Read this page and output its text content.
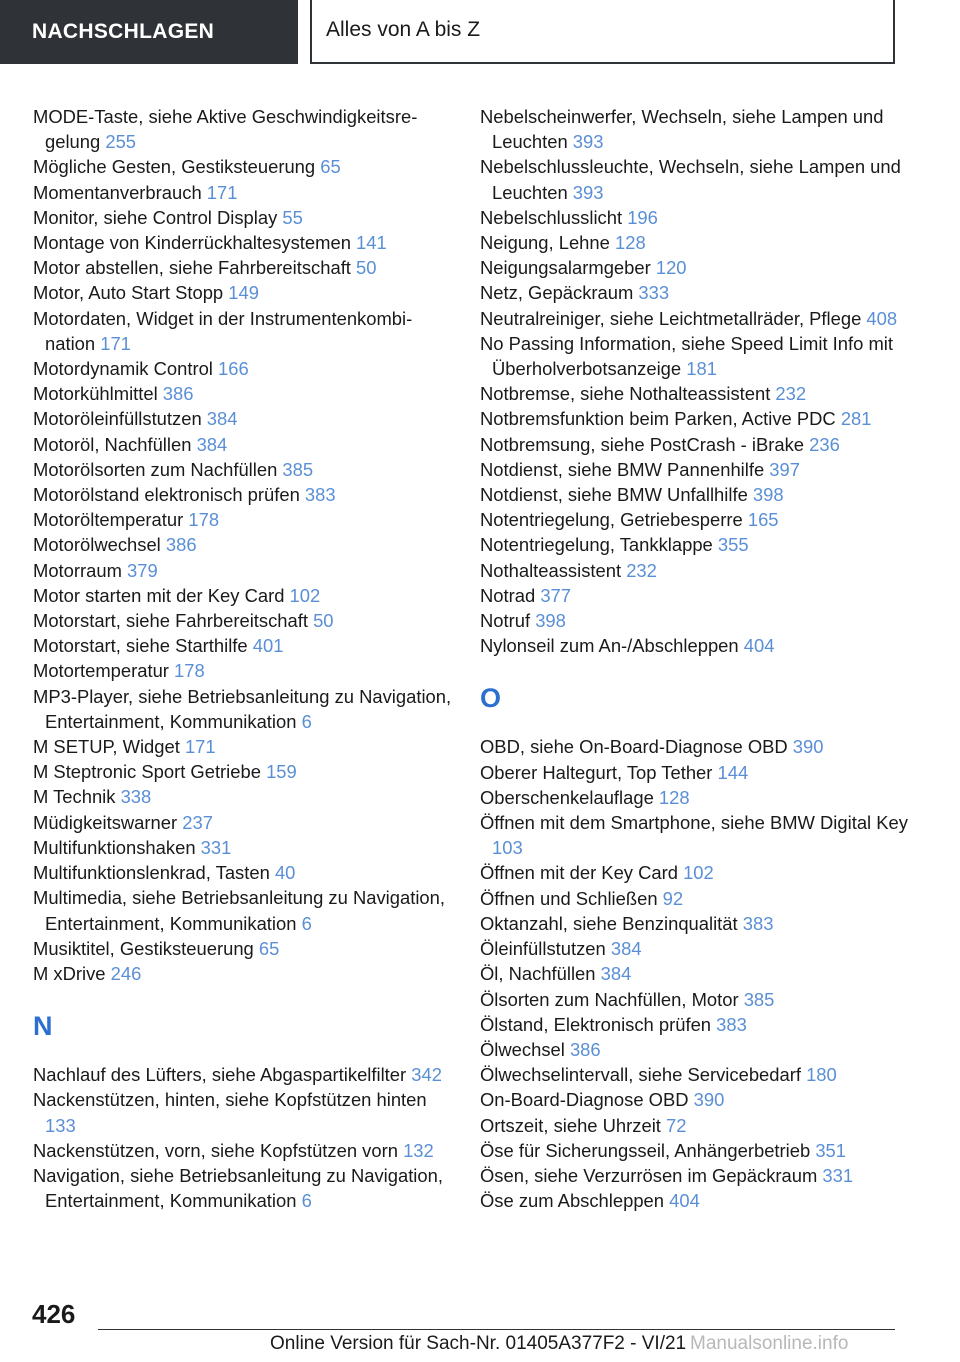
NACHSCHLAGEN	Alles von A bis Z

MODE-Taste, siehe Aktive Geschwindigkeitsregelung 255

Mögliche Gesten, Gestiksteuerung 65

Momentanverbrauch 171

Monitor, siehe Control Display 55

Montage von Kinderrückhaltesystemen 141

Motor abstellen, siehe Fahrbereitschaft 50

Motor, Auto Start Stopp 149

Motordaten, Widget in der Instrumentenkombination 171

Motordynamik Control 166

Motorkühlmittel 386

Motoröleinfüllstutzen 384

Motoröl, Nachfüllen 384

Motorölsorten zum Nachfüllen 385

Motorölstand elektronisch prüfen 383

Motoröltemperatur 178

Motorölwechsel 386

Motorraum 379

Motor starten mit der Key Card 102

Motorstart, siehe Fahrbereitschaft 50

Motorstart, siehe Starthilfe 401

Motortemperatur 178

MP3-Player, siehe Betriebsanleitung zu Navigation, Entertainment, Kommunikation 6

M SETUP, Widget 171

M Steptronic Sport Getriebe 159

M Technik 338

Müdigkeitswarner 237

Multifunktionshaken 331

Multifunktionslenkrad, Tasten 40

Multimedia, siehe Betriebsanleitung zu Navigation, Entertainment, Kommunikation 6

Musiktitel, Gestiksteuerung 65

M xDrive 246

N

Nachlauf des Lüfters, siehe Abgaspartikelfilter 342

Nackenstützen, hinten, siehe Kopfstützen hinten 133

Nackenstützen, vorn, siehe Kopfstützen vorn 132

Navigation, siehe Betriebsanleitung zu Navigation, Entertainment, Kommunikation 6

Nebelscheinwerfer, Wechseln, siehe Lampen und Leuchten 393

Nebelschlussleuchte, Wechseln, siehe Lampen und Leuchten 393

Nebelschlusslicht 196

Neigung, Lehne 128

Neigungsalarmgeber 120

Netz, Gepäckraum 333

Neutralreiniger, siehe Leichtmetallräder, Pflege 408

No Passing Information, siehe Speed Limit Info mit Überholverbotsanzeige 181

Notbremse, siehe Nothalteassistent 232

Notbremsfunktion beim Parken, Active PDC 281

Notbremsung, siehe PostCrash - iBrake 236

Notdienst, siehe BMW Pannenhilfe 397

Notdienst, siehe BMW Unfallhilfe 398

Notentriegelung, Getriebesperre 165

Notentriegelung, Tankklappe 355

Nothalteassistent 232

Notrad 377

Notruf 398

Nylonseil zum An-/Abschleppen 404

O

OBD, siehe On-Board-Diagnose OBD 390

Oberer Haltegurt, Top Tether 144

Oberschenkelauflage 128

Öffnen mit dem Smartphone, siehe BMW Digital Key 103

Öffnen mit der Key Card 102

Öffnen und Schließen 92

Oktanzahl, siehe Benzinqualität 383

Öleinfüllstutzen 384

Öl, Nachfüllen 384

Ölsorten zum Nachfüllen, Motor 385

Ölstand, Elektronisch prüfen 383

Ölwechsel 386

Ölwechselintervall, siehe Servicebedarf 180

On-Board-Diagnose OBD 390

Ortszeit, siehe Uhrzeit 72

Öse für Sicherungsseil, Anhängerbetrieb 351

Ösen, siehe Verzurrösen im Gepäckraum 331

Öse zum Abschleppen 404

426
Online Version für Sach-Nr. 01405A377F2 - VI/21 Manualsonline.info
